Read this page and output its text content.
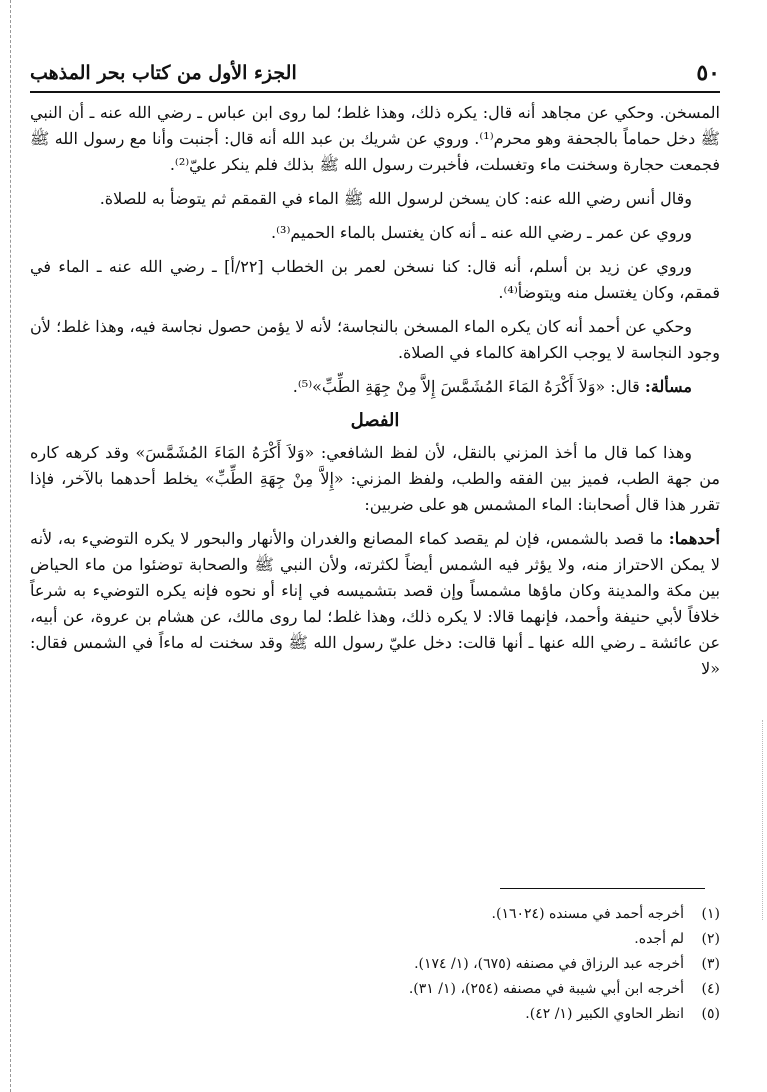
٥٠
الجزء الأول من كتاب بحر المذهب

المسخن. وحكي عن مجاهد أنه قال: يكره ذلك، وهذا غلط؛ لما روى ابن عباس ـ رضي الله عنه ـ أن النبي ﷺ دخل حماماً بالجحفة وهو محرم⁽¹⁾. وروي عن شريك بن عبد الله أنه قال: أجنبت وأنا مع رسول الله ﷺ فجمعت حجارة وسخنت ماء وتغسلت، فأخبرت رسول الله ﷺ بذلك فلم ينكر عليّ⁽²⁾.

وقال أنس رضي الله عنه: كان يسخن لرسول الله ﷺ الماء في القمقم ثم يتوضأ به للصلاة.

وروي عن عمر ـ رضي الله عنه ـ أنه كان يغتسل بالماء الحميم⁽³⁾.

وروي عن زيد بن أسلم، أنه قال: كنا نسخن لعمر بن الخطاب [٢٢/أ] ـ رضي الله عنه ـ الماء في قمقم، وكان يغتسل منه ويتوضأ⁽⁴⁾.

وحكي عن أحمد أنه كان يكره الماء المسخن بالنجاسة؛ لأنه لا يؤمن حصول نجاسة فيه، وهذا غلط؛ لأن وجود النجاسة لا يوجب الكراهة كالماء في الصلاة.

مسألة: قال: «وَلاَ أَكْرَهُ المَاءَ المُشَمَّسَ إِلاَّ مِنْ جِهَةِ الطِّبِّ»⁽⁵⁾.

الفصل

وهذا كما قال ما أخذ المزني بالنقل، لأن لفظ الشافعي: «وَلاَ أَكْرَهُ المَاءَ المُشَمَّسَ» وقد كرهه كاره من جهة الطب، فميز بين الفقه والطب، ولفظ المزني: «إِلاَّ مِنْ جِهَةِ الطِّبِّ» يخلط أحدهما بالآخر، فإذا تقرر هذا قال أصحابنا: الماء المشمس هو على ضربين:

أحدهما: ما قصد بالشمس، فإن لم يقصد كماء المصانع والغدران والأنهار والبحور لا يكره التوضيء به، لأنه لا يمكن الاحتراز منه، ولا يؤثر فيه الشمس أيضاً لكثرته، ولأن النبي ﷺ والصحابة توضئوا من ماء الحياض بين مكة والمدينة وكان ماؤها مشمساً وإن قصد بتشميسه في إناء أو نحوه فإنه يكره التوضيء به شرعاً خلافاً لأبي حنيفة وأحمد، فإنهما قالا: لا يكره ذلك، وهذا غلط؛ لما روى مالك، عن هشام بن عروة، عن أبيه، عن عائشة ـ رضي الله عنها ـ أنها قالت: دخل عليّ رسول الله ﷺ وقد سخنت له ماءاً في الشمس فقال: «لا

(١)
أخرجه أحمد في مسنده (١٦٠٢٤).
(٢)
لم أجده.
(٣)
أخرجه عبد الرزاق في مصنفه (٦٧٥)، (١/ ١٧٤).
(٤)
أخرجه ابن أبي شيبة في مصنفه (٢٥٤)، (١/ ٣١).
(٥)
انظر الحاوي الكبير (١/ ٤٢).
